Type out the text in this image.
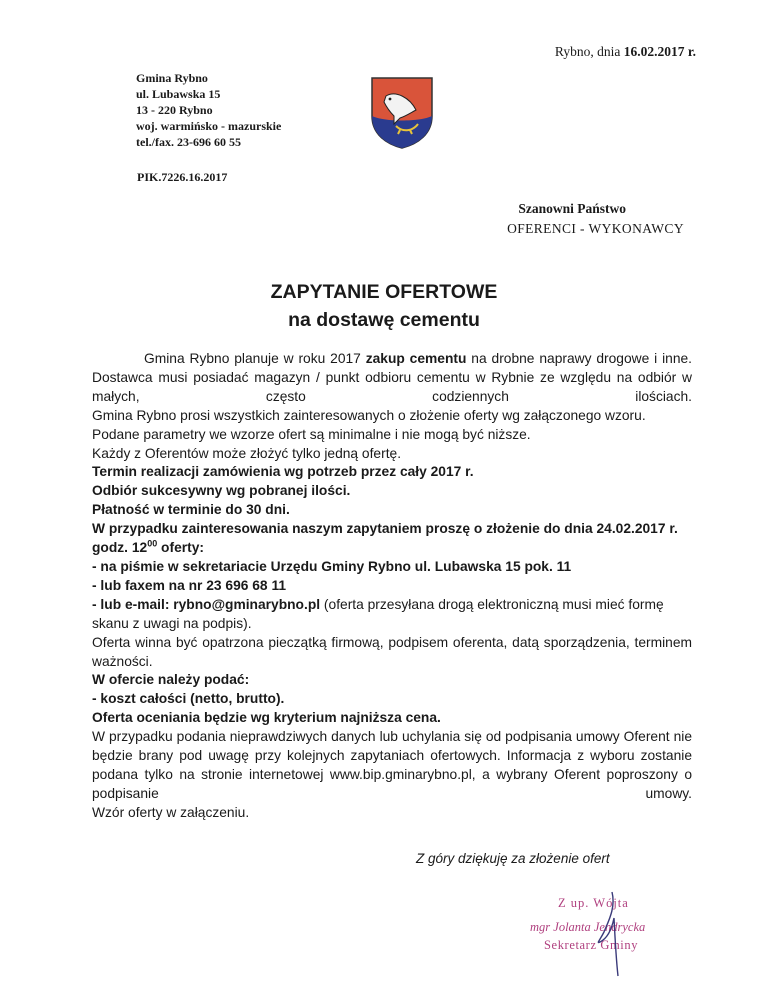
Rybno, dnia 16.02.2017 r.
Gmina Rybno
ul. Lubawska 15
13 - 220 Rybno
woj. warmińsko - mazurskie
tel./fax. 23-696 60 55
PIK.7226.16.2017
Szanowni Państwo
OFERENCI - WYKONAWCY
ZAPYTANIE OFERTOWE
na dostawę cementu

Gmina Rybno planuje w roku 2017 zakup cementu na drobne naprawy drogowe i inne. Dostawca musi posiadać magazyn / punkt odbioru cementu w Rybnie ze względu na odbiór w małych, często codziennych ilościach.

Gmina Rybno prosi wszystkich zainteresowanych o złożenie oferty wg załączonego wzoru.

Podane parametry we wzorze ofert są minimalne i nie mogą być niższe.

Każdy z Oferentów może złożyć tylko jedną ofertę.

Termin realizacji zamówienia wg potrzeb przez cały 2017 r.

Odbiór sukcesywny wg pobranej ilości.

Płatność w terminie do 30 dni.

W przypadku zainteresowania naszym zapytaniem proszę o złożenie do dnia 24.02.2017 r. godz. $12^{00}$ oferty:

- na piśmie w sekretariacie Urzędu Gminy Rybno ul. Lubawska 15 pok. 11

- lub faxem na nr 23 696 68 11

- lub e-mail: rybno@gminarybno.pl (oferta przesyłana drogą elektroniczną musi mieć formę skanu z uwagi na podpis).

Oferta winna być opatrzona pieczątką firmową, podpisem oferenta, datą sporządzenia, terminem ważności.

W ofercie należy podać:

- koszt całości (netto, brutto).

Oferta oceniania będzie wg kryterium najniższa cena.

W przypadku podania nieprawdziwych danych lub uchylania się od podpisania umowy Oferent nie będzie brany pod uwagę przy kolejnych zapytaniach ofertowych. Informacja z wyboru zostanie podana tylko na stronie internetowej www.bip.gminarybno.pl, a wybrany Oferent poproszony o podpisanie umowy.

Wzór oferty w załączeniu.

Z góry dziękuję za złożenie ofert
Z up. Wójta
mgr Jolanta Jendrycka
Sekretarz Gminy
